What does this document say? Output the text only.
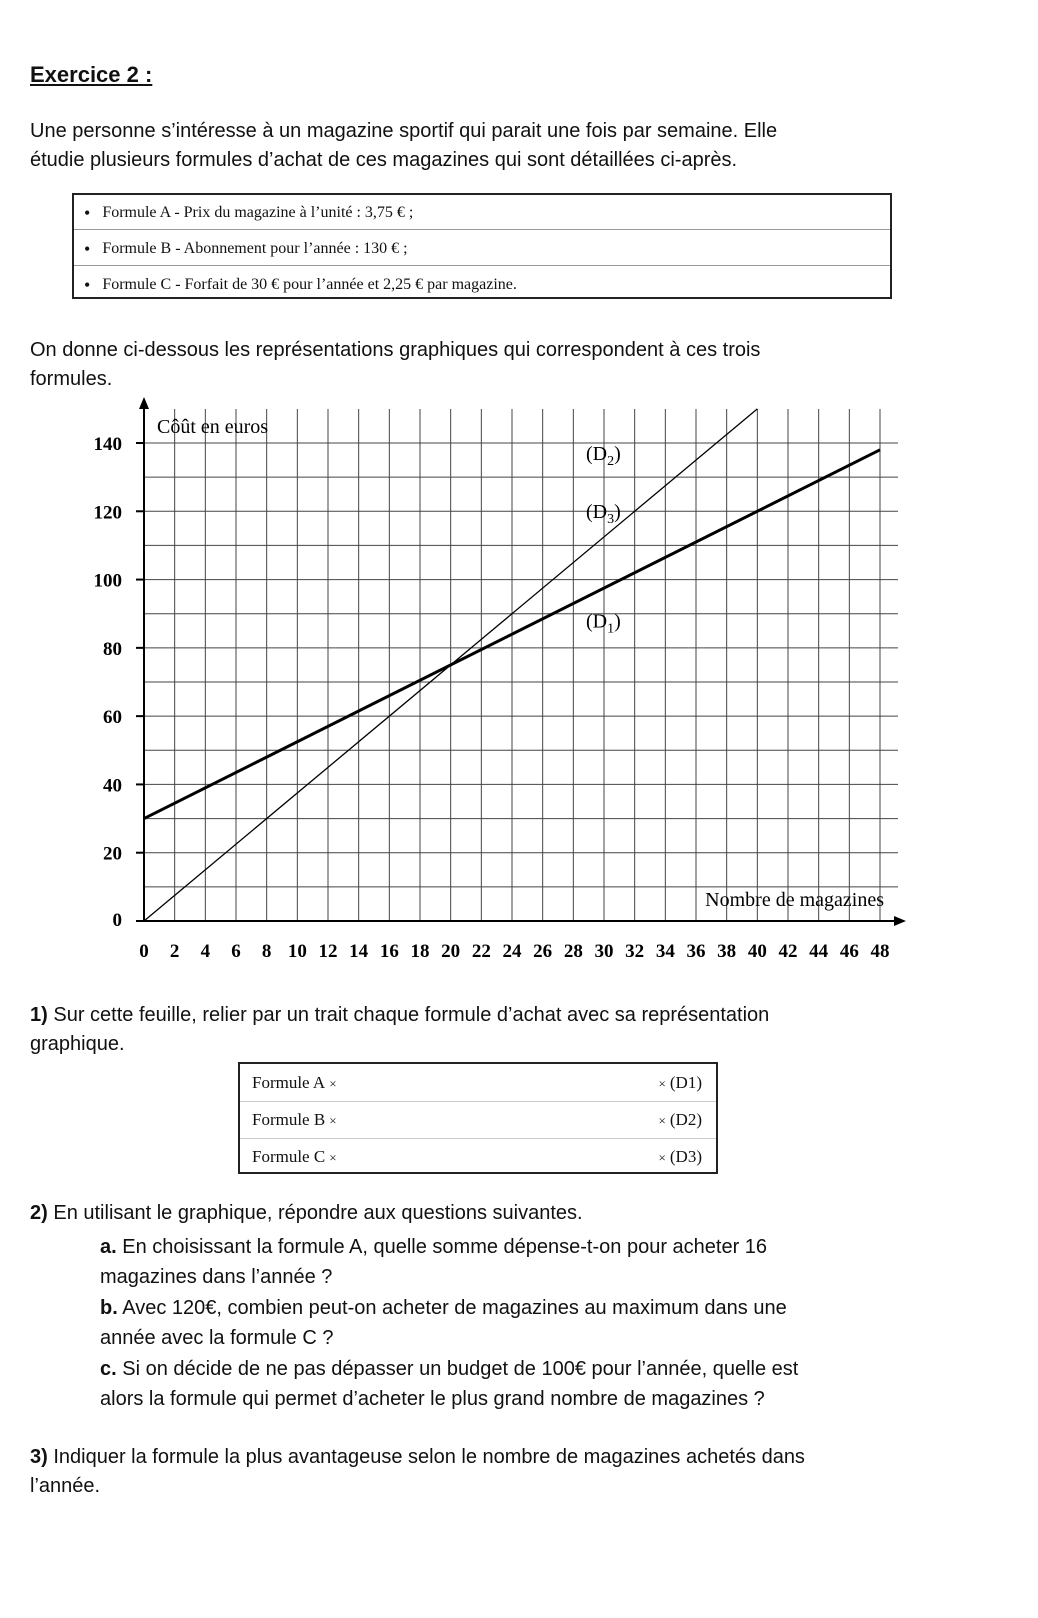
Exercice 2 :
Une personne s’intéresse à un magazine sportif qui parait une fois par semaine. Elle
étudie plusieurs formules d’achat de ces magazines qui sont détaillées ci-après.
• Formule A - Prix du magazine à l’unité : 3,75 € ;
• Formule B - Abonnement pour l’année : 130 € ;
• Formule C - Forfait de 30 € pour l’année et 2,25 € par magazine.
On donne ci-dessous les représentations graphiques qui correspondent à ces trois
formules.
0 2 4 6 8 10 12 14 16 18 20 22 24 26 28 30 32 34 36 38 40 42 44 46 48
0
20
40
60
80
100
120
140	$(D_2)$
$(D_3)$
$(D_1)$
Côût en euros
Nombre de magazines
1) Sur cette feuille, relier par un trait chaque formule d’achat avec sa représentation
graphique.
Formule A ×	× (D1)
Formule B ×	× (D2)
Formule C ×	× (D3)
2) En utilisant le graphique, répondre aux questions suivantes.
a. En choisissant la formule A, quelle somme dépense-t-on pour acheter 16
magazines dans l’année ?
b. Avec 120€, combien peut-on acheter de magazines au maximum dans une
année avec la formule C ?
c. Si on décide de ne pas dépasser un budget de 100€ pour l’année, quelle est
alors la formule qui permet d’acheter le plus grand nombre de magazines ?
3) Indiquer la formule la plus avantageuse selon le nombre de magazines achetés dans
l’année.
